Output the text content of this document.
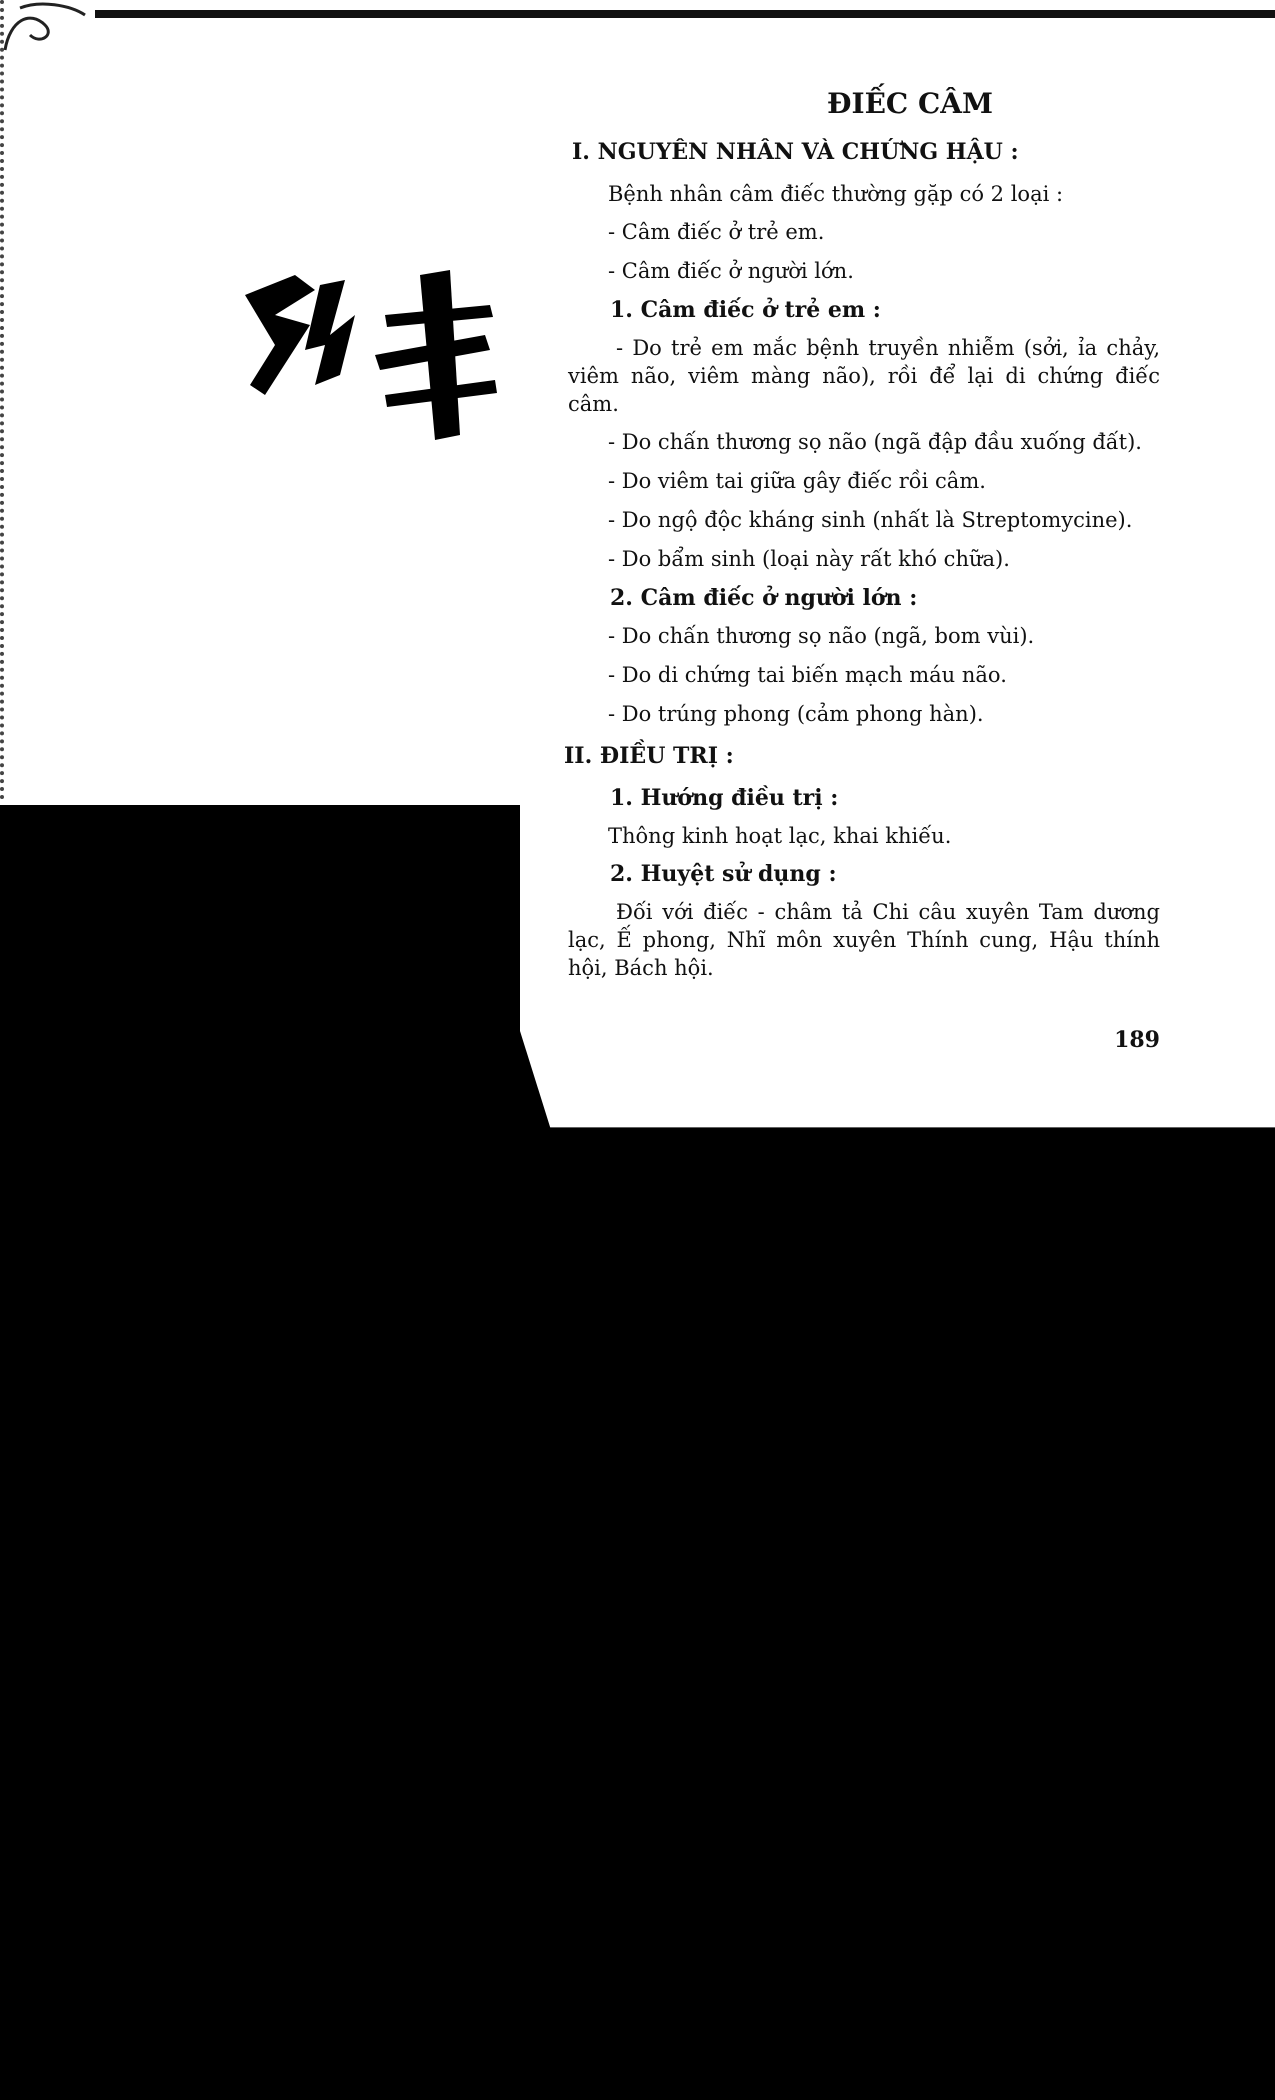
ĐIẾC CÂM
I. NGUYÊN NHÂN VÀ CHỨNG HẬU :
Bệnh nhân câm điếc thường gặp có 2 loại :
- Câm điếc ở trẻ em.
- Câm điếc ở người lớn.
1. Câm điếc ở trẻ em :
- Do trẻ em mắc bệnh truyền nhiễm (sởi, ỉa chảy, viêm não, viêm màng não), rồi để lại di chứng điếc câm.
- Do chấn thương sọ não (ngã đập đầu xuống đất).
- Do viêm tai giữa gây điếc rồi câm.
- Do ngộ độc kháng sinh (nhất là Streptomycine).
- Do bẩm sinh (loại này rất khó chữa).
2. Câm điếc ở người lớn :
- Do chấn thương sọ não (ngã, bom vùi).
- Do di chứng tai biến mạch máu não.
- Do trúng phong (cảm phong hàn).
II. ĐIỀU TRỊ :
1. Hướng điều trị :
Thông kinh hoạt lạc, khai khiếu.
2. Huyệt sử dụng :
Đối với điếc - châm tả Chi câu xuyên Tam dương lạc, Ế phong, Nhĩ môn xuyên Thính cung, Hậu thính hội, Bách hội.
189
